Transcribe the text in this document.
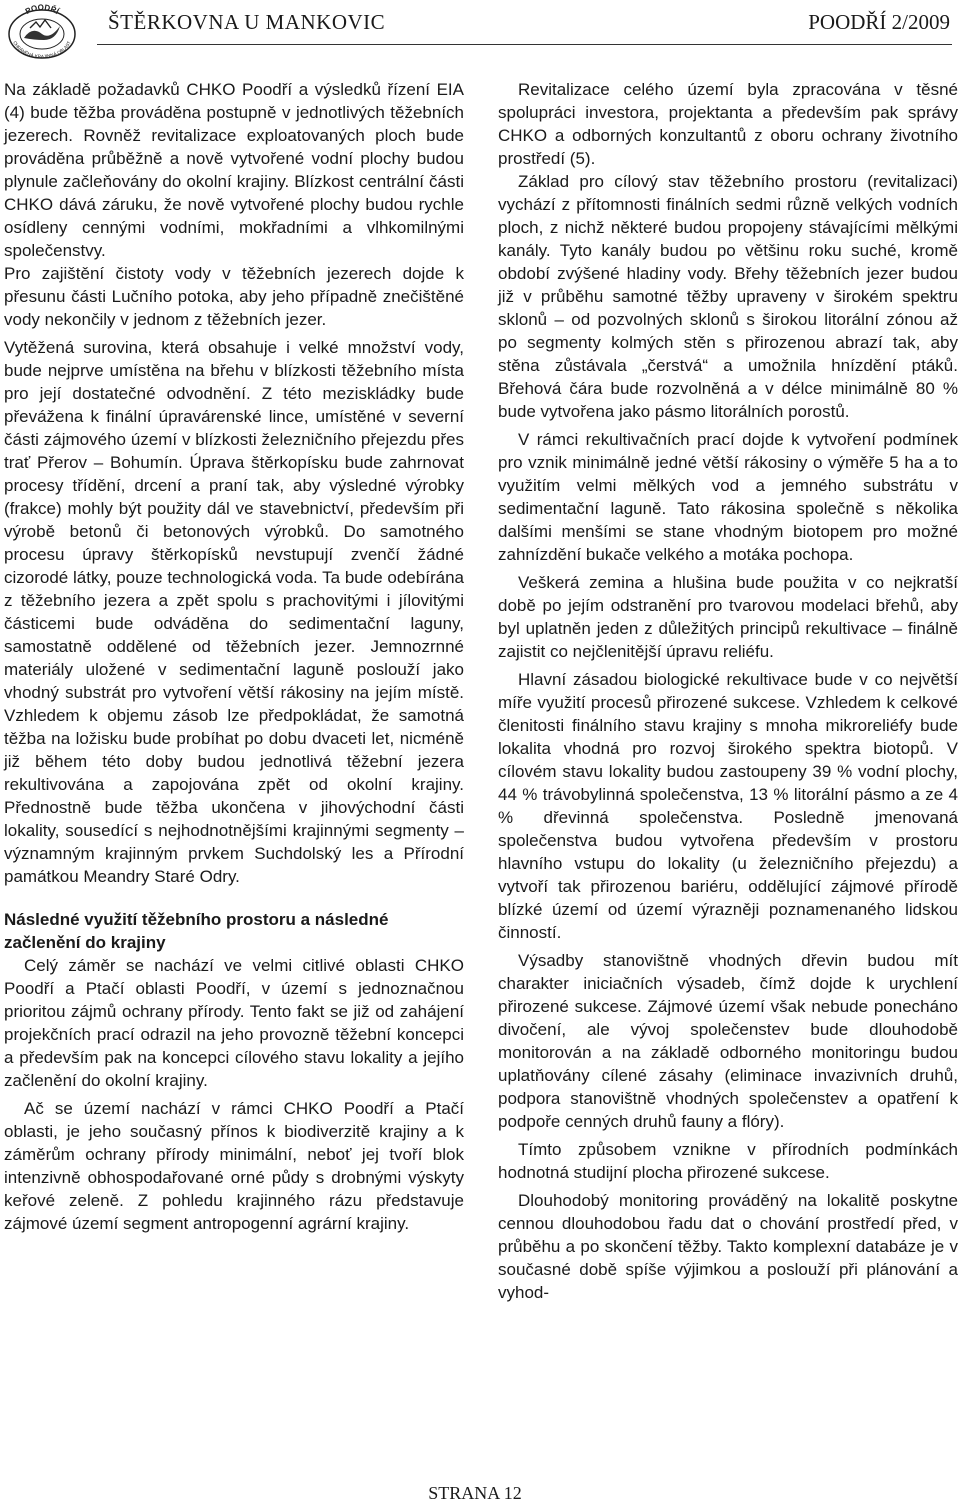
POODŘÍ
CHRÁNĚNÁ KRAJINNÁ OBLAST
ŠTĚRKOVNA U MANKOVIC	POODŘÍ 2/2009

Na základě požadavků CHKO Poodří a výsledků řízení EIA (4) bude těžba prováděna postupně v jednotlivých těžebních jezerech. Rovněž revitalizace exploatovaných ploch bude prováděna průběžně a nově vytvořené vodní plochy budou plynule začleňovány do okolní krajiny. Blízkost centrální části CHKO dává záruku, že nově vytvořené plochy budou rychle osídleny cennými vodními, mokřadními a vlhkomilnými společenstvy.

Pro zajištění čistoty vody v těžebních jezerech dojde k přesunu části Lučního potoka, aby jeho případně znečištěné vody nekončily v jednom z těžebních jezer.

Vytěžená surovina, která obsahuje i velké množství vody, bude nejprve umístěna na břehu v blízkosti těžebního místa pro její dostatečné odvodnění. Z této meziskládky bude převážena k finální úpravárenské lince, umístěné v severní části zájmového území v blízkosti železničního přejezdu přes trať Přerov – Bohumín. Úprava štěrkopísku bude zahrnovat procesy třídění, drcení a praní tak, aby výsledné výrobky (frakce) mohly být použity dál ve stavebnictví, především při výrobě betonů či betonových výrobků. Do samotného procesu úpravy štěrkopísků nevstupují zvenčí žádné cizorodé látky, pouze technologická voda. Ta bude odebírána z těžebního jezera a zpět spolu s prachovitými i jílovitými částicemi bude odváděna do sedimentační laguny, samostatně oddělené od těžebních jezer. Jemnozrnné materiály uložené v sedimentační laguně poslouží jako vhodný substrát pro vytvoření větší rákosiny na jejím místě. Vzhledem k objemu zásob lze předpokládat, že samotná těžba na ložisku bude probíhat po dobu dvaceti let, nicméně již během této doby budou jednotlivá těžební jezera rekultivována a zapojována zpět od okolní krajiny. Přednostně bude těžba ukončena v jihovýchodní části lokality, sousedící s nejhodnotnějšími krajinnými segmenty – významným krajinným prvkem Suchdolský les a Přírodní památkou Meandry Staré Odry.

Následné využití těžebního prostoru a následné začlenění do krajiny

Celý záměr se nachází ve velmi citlivé oblasti CHKO Poodří a Ptačí oblasti Poodří, v území s jednoznačnou prioritou zájmů ochrany přírody. Tento fakt se již od zahájení projekčních prací odrazil na jeho provozně těžební koncepci a především pak na koncepci cílového stavu lokality a jejího začlenění do okolní krajiny.

Ač se území nachází v rámci CHKO Poodří a Ptačí oblasti, je jeho současný přínos k biodiverzitě krajiny a k záměrům ochrany přírody minimální, neboť jej tvoří blok intenzivně obhospodařované orné půdy s drobnými výskyty keřové zeleně. Z pohledu krajinného rázu představuje zájmové území segment antropogenní agrární krajiny.

Revitalizace celého území byla zpracována v těsné spolupráci investora, projektanta a především pak správy CHKO a odborných konzultantů z oboru ochrany životního prostředí (5).

Základ pro cílový stav těžebního prostoru (revitalizaci) vychází z přítomnosti finálních sedmi různě velkých vodních ploch, z nichž některé budou propojeny stávajícími mělkými kanály. Tyto kanály budou po většinu roku suché, kromě období zvýšené hladiny vody. Břehy těžebních jezer budou již v průběhu samotné těžby upraveny v širokém spektru sklonů – od pozvolných sklonů s širokou litorální zónou až po segmenty kolmých stěn s přirozenou abrazí tak, aby stěna zůstávala „čerstvá“ a umožnila hnízdění ptáků. Břehová čára bude rozvolněná a v délce minimálně 80 % bude vytvořena jako pásmo litorálních porostů.

V rámci rekultivačních prací dojde k vytvoření podmínek pro vznik minimálně jedné větší rákosiny o výměře 5 ha a to využitím velmi mělkých vod a jemného substrátu v sedimentační laguně. Tato rákosina společně s několika dalšími menšími se stane vhodným biotopem pro možné zahnízdění bukače velkého a motáka pochopa.

Veškerá zemina a hlušina bude použita v co nejkratší době po jejím odstranění pro tvarovou modelaci břehů, aby byl uplatněn jeden z důležitých principů rekultivace – finálně zajistit co nejčlenitější úpravu reliéfu.

Hlavní zásadou biologické rekultivace bude v co největší míře využití procesů přirozené sukcese. Vzhledem k celkové členitosti finálního stavu krajiny s mnoha mikroreliéfy bude lokalita vhodná pro rozvoj širokého spektra biotopů. V cílovém stavu lokality budou zastoupeny 39 % vodní plochy, 44 % trávobylinná společenstva, 13 % litorální pásmo a ze 4 % dřevinná společenstva. Posledně jmenovaná společenstva budou vytvořena především v prostoru hlavního vstupu do lokality (u železničního přejezdu) a vytvoří tak přirozenou bariéru, oddělující zájmové přírodě blízké území od území výrazněji poznamenaného lidskou činností.

Výsadby stanovištně vhodných dřevin budou mít charakter iniciačních výsadeb, čímž dojde k urychlení přirozené sukcese. Zájmové území však nebude ponecháno divočení, ale vývoj společenstev bude dlouhodobě monitorován a na základě odborného monitoringu budou uplatňovány cílené zásahy (eliminace invazivních druhů, podpora stanovištně vhodných společenstev a opatření k podpoře cenných druhů fauny a flóry).

Tímto způsobem vznikne v přírodních podmínkách hodnotná studijní plocha přirozené sukcese.

Dlouhodobý monitoring prováděný na lokalitě poskytne cennou dlouhodobou řadu dat o chování prostředí před, v průběhu a po skončení těžby. Takto komplexní databáze je v současné době spíše výjimkou a poslouží při plánování a vyhod-

STRANA 12
